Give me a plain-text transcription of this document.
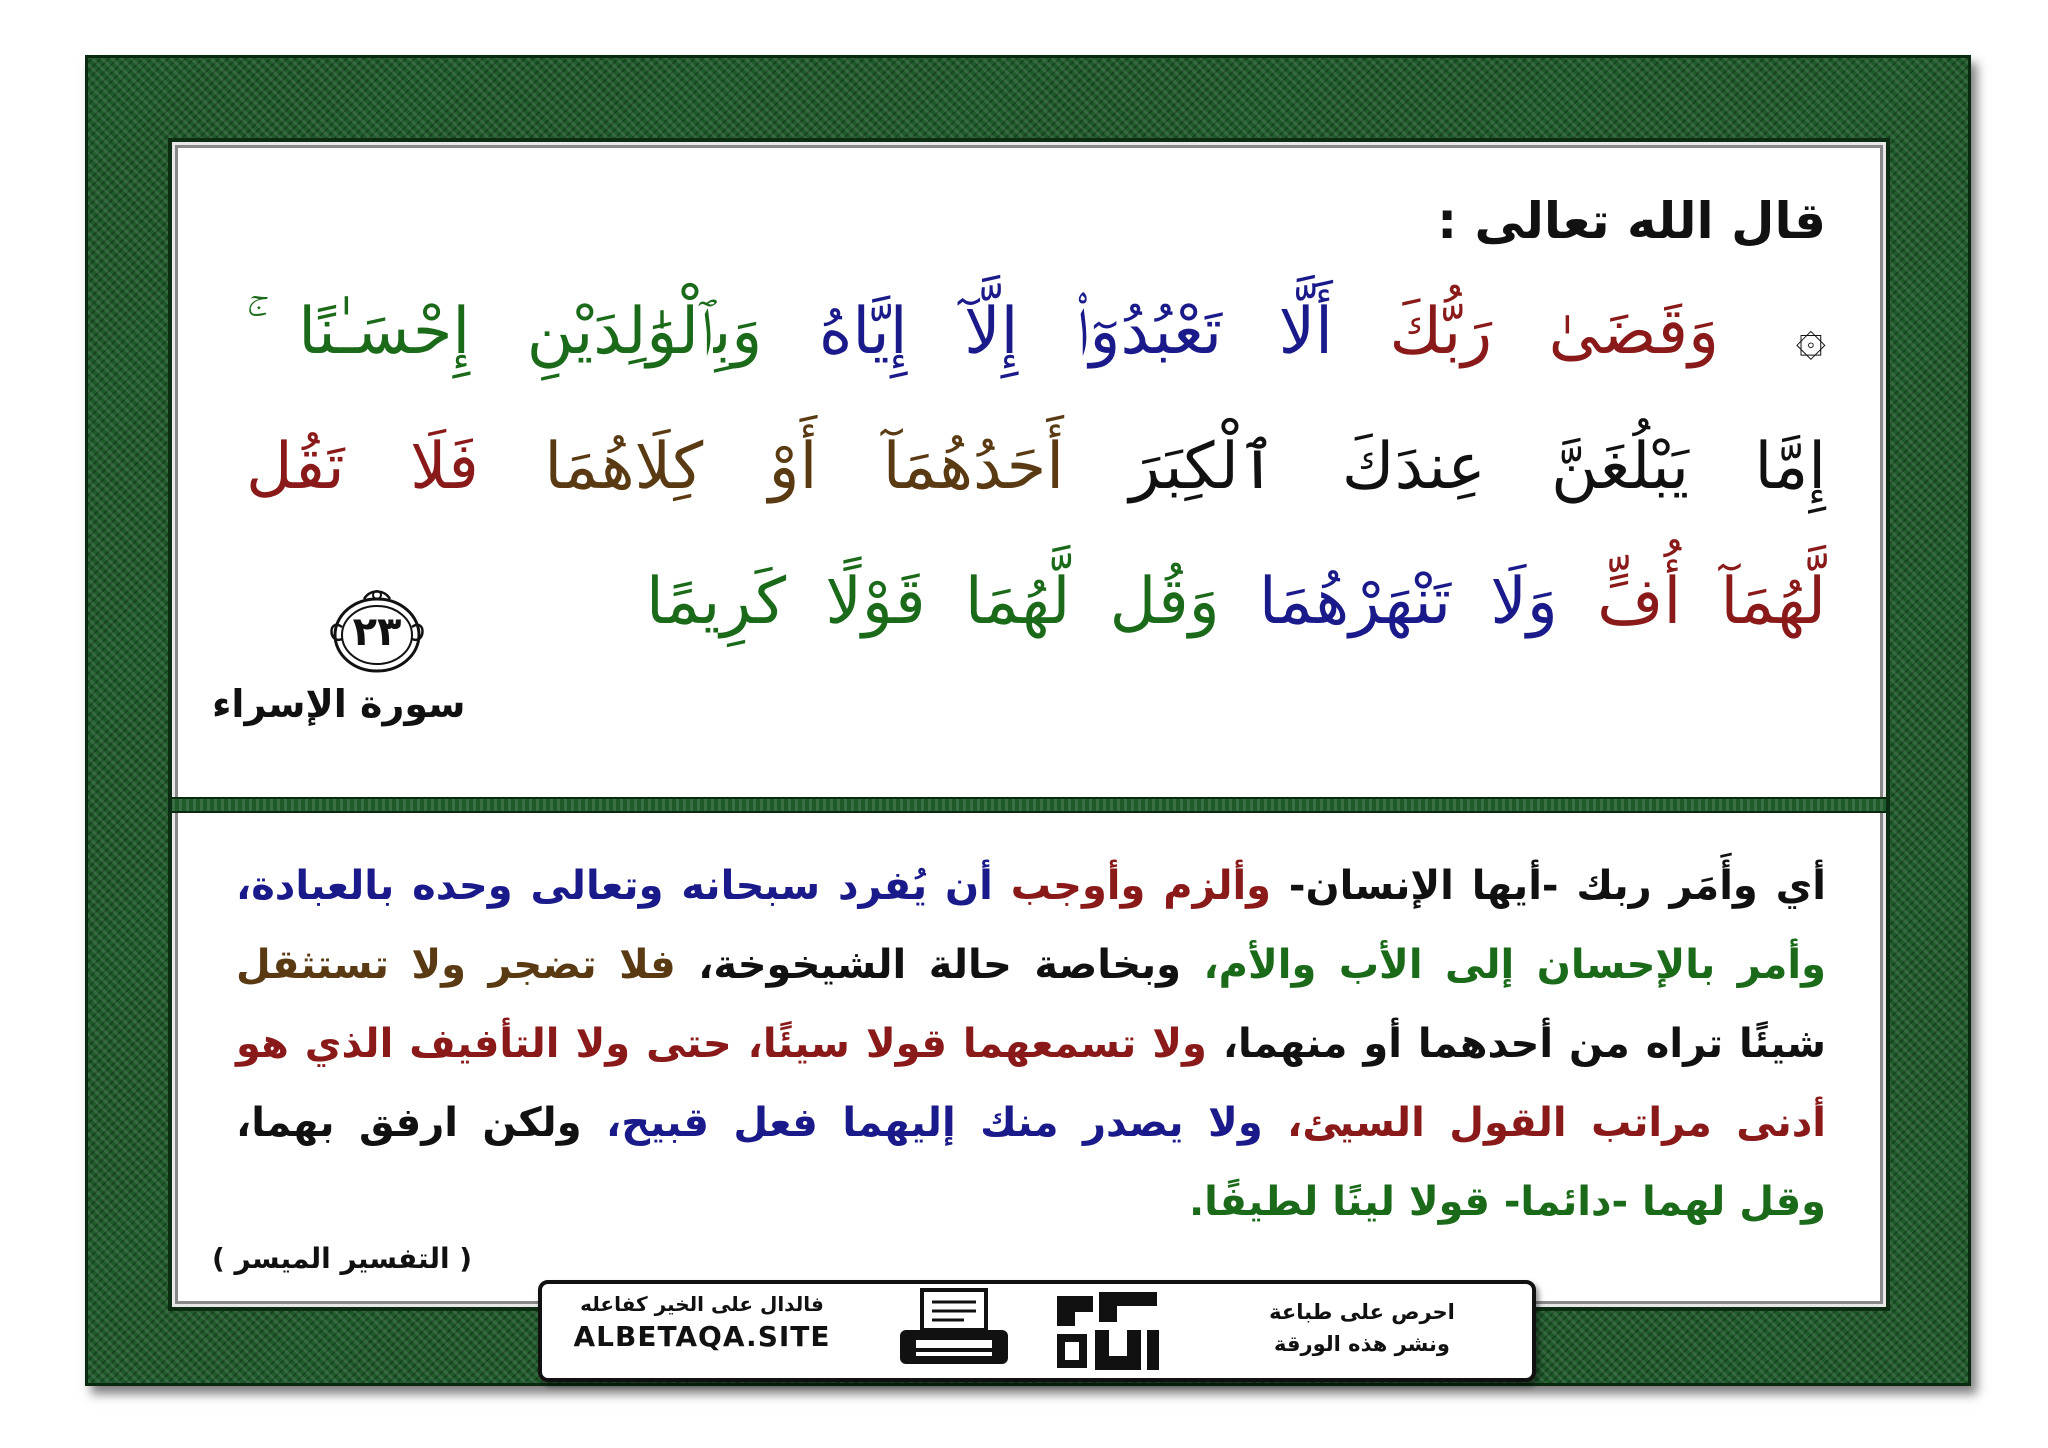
قال الله تعالى :
۞ وَقَضَىٰ رَبُّكَ أَلَّا تَعْبُدُوٓا۟ إِلَّآ إِيَّاهُ وَبِٱلْوَٰلِدَيْنِ إِحْسَـٰنًا ۚ
إِمَّا يَبْلُغَنَّ عِندَكَ ٱلْكِبَرَ أَحَدُهُمَآ أَوْ كِلَاهُمَا فَلَا تَقُل
لَّهُمَآ أُفٍّ وَلَا تَنْهَرْهُمَا وَقُل لَّهُمَا قَوْلًا كَرِيمًا
٢٣
سورة الإسراء
أي وأَمَر ربك -أيها الإنسان- وألزم وأوجب أن يُفرد سبحانه وتعالى وحده بالعبادة،
وأمر بالإحسان إلى الأب والأم، وبخاصة حالة الشيخوخة، فلا تضجر ولا تستثقل
شيئًا تراه من أحدهما أو منهما، ولا تسمعهما قولا سيئًا، حتى ولا التأفيف الذي هو
أدنى مراتب القول السيئ، ولا يصدر منك إليهما فعل قبيح، ولكن ارفق بهما،
وقل لهما -دائما- قولا لينًا لطيفًا.
( التفسير الميسر )
فالدال على الخير كفاعله
ALBETAQA.SITE
احرص على طباعة
ونشر هذه الورقة
